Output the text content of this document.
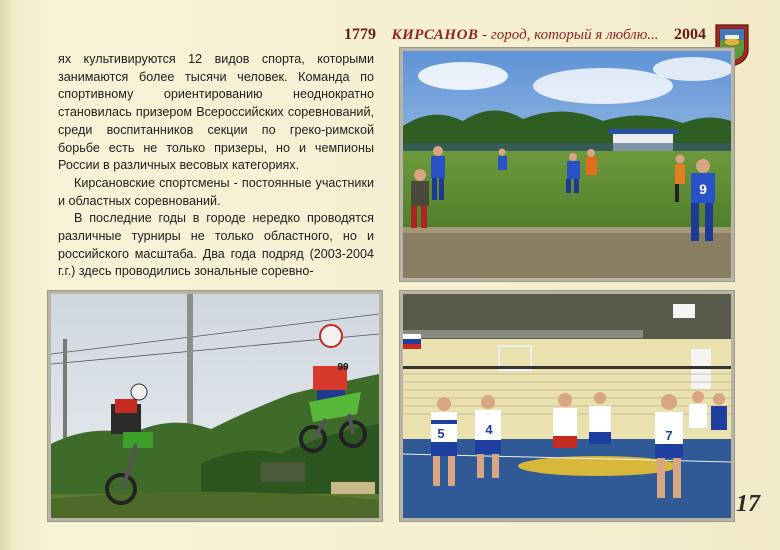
1779 КИРСАНОВ - город, который я люблю... 2004

ях культивируются 12 видов спорта, которыми занимаются более тысячи человек. Команда по спортивному ориентированию неоднократно становилась призером Всероссийских соревнований, среди воспитанников секции по греко-римской борьбе есть не только призеры, но и чемпионы России в различных весовых категориях.

Кирсановские спортсмены - постоянные участники и областных соревнований.

В последние годы в городе нередко проводятся различные турниры не только областного, но и российского масштаба. Два года подряд (2003-2004 г.г.) здесь проводились зональные соревно-

9
99
5	4	7
17
